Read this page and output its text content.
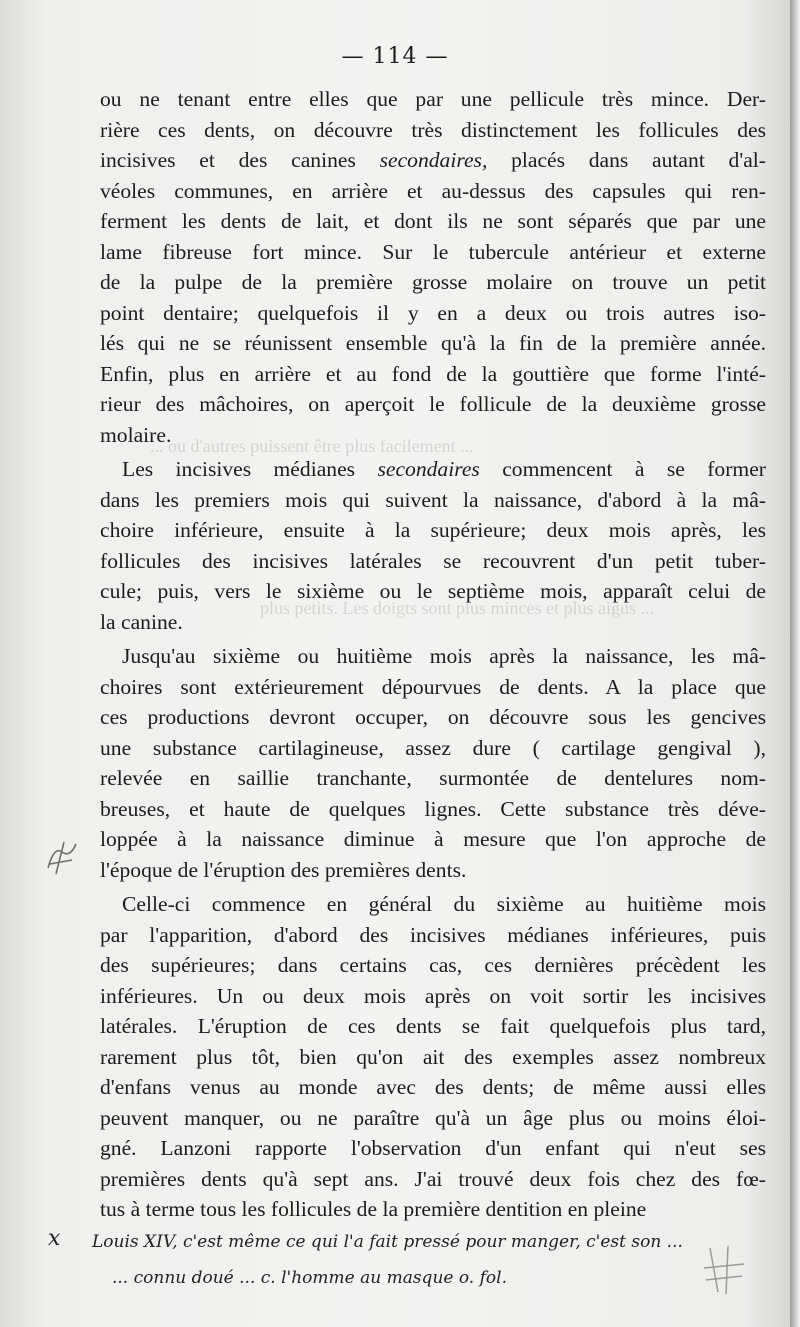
— 114 —
... ou d'autres puissent être plus facilement ...
plus petits. Les doigts sont plus minces et plus aigus ...
ou ne tenant entre elles que par une pellicule très mince. Der-
rière ces dents, on découvre très distinctement les follicules des
incisives et des canines secondaires, placés dans autant d'al-
véoles communes, en arrière et au-dessus des capsules qui ren-
ferment les dents de lait, et dont ils ne sont séparés que par une
lame fibreuse fort mince. Sur le tubercule antérieur et externe
de la pulpe de la première grosse molaire on trouve un petit
point dentaire; quelquefois il y en a deux ou trois autres iso-
lés qui ne se réunissent ensemble qu'à la fin de la première année.
Enfin, plus en arrière et au fond de la gouttière que forme l'inté-
rieur des mâchoires, on aperçoit le follicule de la deuxième grosse
molaire.
Les incisives médianes secondaires commencent à se former
dans les premiers mois qui suivent la naissance, d'abord à la mâ-
choire inférieure, ensuite à la supérieure; deux mois après, les
follicules des incisives latérales se recouvrent d'un petit tuber-
cule; puis, vers le sixième ou le septième mois, apparaît celui de
la canine.
Jusqu'au sixième ou huitième mois après la naissance, les mâ-
choires sont extérieurement dépourvues de dents. A la place que
ces productions devront occuper, on découvre sous les gencives
une substance cartilagineuse, assez dure ( cartilage gengival ),
relevée en saillie tranchante, surmontée de dentelures nom-
breuses, et haute de quelques lignes. Cette substance très déve-
loppée à la naissance diminue à mesure que l'on approche de
l'époque de l'éruption des premières dents.
Celle-ci commence en général du sixième au huitième mois
par l'apparition, d'abord des incisives médianes inférieures, puis
des supérieures; dans certains cas, ces dernières précèdent les
inférieures. Un ou deux mois après on voit sortir les incisives
latérales. L'éruption de ces dents se fait quelquefois plus tard,
rarement plus tôt, bien qu'on ait des exemples assez nombreux
d'enfans venus au monde avec des dents; de même aussi elles
peuvent manquer, ou ne paraître qu'à un âge plus ou moins éloi-
gné. Lanzoni rapporte l'observation d'un enfant qui n'eut ses
premières dents qu'à sept ans. J'ai trouvé deux fois chez des fœ-
tus à terme tous les follicules de la première dentition en pleine
x Louis XIV, c'est même ce qui l'a fait pressé pour manger, c'est son ...
... connu doué ... c. l'homme au masque o. fol.
